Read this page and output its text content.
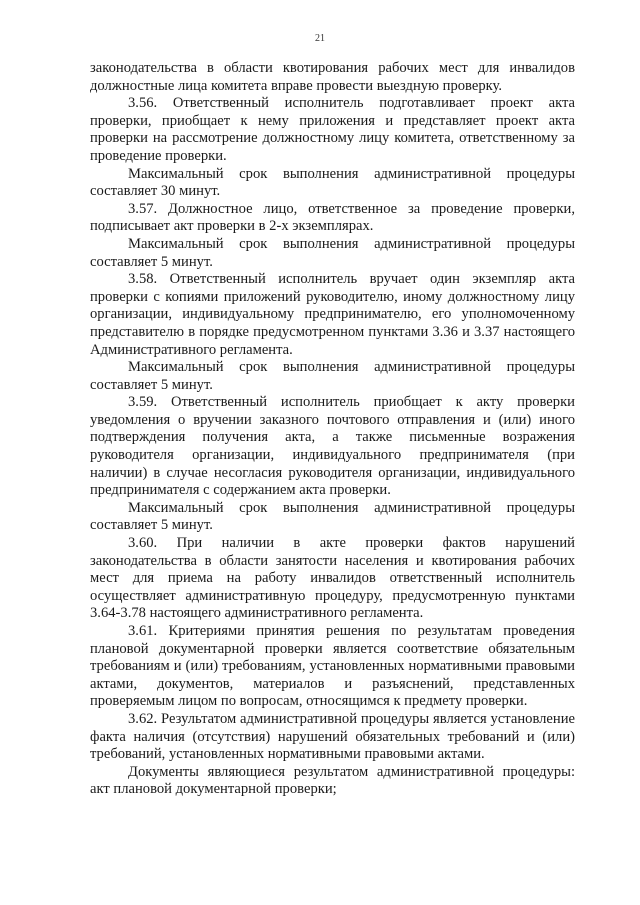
21

законодательства в области квотирования рабочих мест для инвалидов должностные лица комитета вправе провести выездную проверку.

3.56. Ответственный исполнитель подготавливает проект акта проверки, приобщает к нему приложения и представляет проект акта проверки на рассмотрение должностному лицу комитета, ответственному за проведение проверки.

Максимальный срок выполнения административной процедуры составляет 30 минут.

3.57. Должностное лицо, ответственное за проведение проверки, подписывает акт проверки в 2-х экземплярах.

Максимальный срок выполнения административной процедуры составляет 5 минут.

3.58. Ответственный исполнитель вручает один экземпляр акта проверки с копиями приложений руководителю, иному должностному лицу организации, индивидуальному предпринимателю, его уполномоченному представителю в порядке предусмотренном пунктами 3.36 и 3.37 настоящего Административного регламента.

Максимальный срок выполнения административной процедуры составляет 5 минут.

3.59. Ответственный исполнитель приобщает к акту проверки уведомления о вручении заказного почтового отправления и (или) иного подтверждения получения акта, а также письменные возражения руководителя организации, индивидуального предпринимателя (при наличии) в случае несогласия руководителя организации, индивидуального предпринимателя с содержанием акта проверки.

Максимальный срок выполнения административной процедуры составляет 5 минут.

3.60. При наличии в акте проверки фактов нарушений законодательства в области занятости населения и квотирования рабочих мест для приема на работу инвалидов ответственный исполнитель осуществляет административную процедуру, предусмотренную пунктами 3.64-3.78 настоящего административного регламента.

3.61. Критериями принятия решения по результатам проведения плановой документарной проверки является соответствие обязательным требованиям и (или) требованиям, установленных нормативными правовыми актами, документов, материалов и разъяснений, представленных проверяемым лицом по вопросам, относящимся к предмету проверки.

3.62. Результатом административной процедуры является установление факта наличия (отсутствия) нарушений обязательных требований и (или) требований, установленных нормативными правовыми актами.

Документы являющиеся результатом административной процедуры: акт плановой документарной проверки;
